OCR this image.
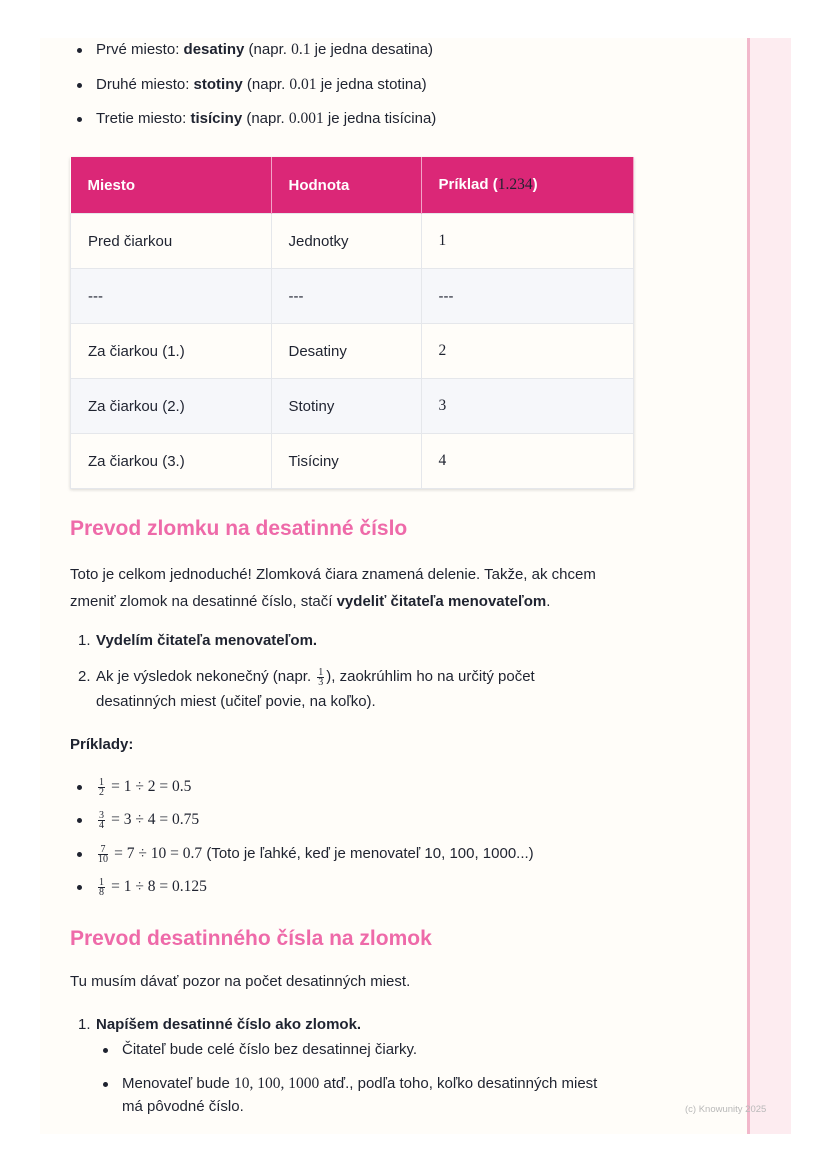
Prvé miesto: desatiny (napr. 0.1 je jedna desatina)
Druhé miesto: stotiny (napr. 0.01 je jedna stotina)
Tretie miesto: tisíciny (napr. 0.001 je jedna tisícina)
Miesto	Hodnota	Príklad (1.234)
Pred čiarkou	Jednotky	1
---	---	---
Za čiarkou (1.)	Desatiny	2
Za čiarkou (2.)	Stotiny	3
Za čiarkou (3.)	Tisíciny	4
Prevod zlomku na desatinné číslo
Toto je celkom jednoduché! Zlomková čiara znamená delenie. Takže, ak chcem
zmeniť zlomok na desatinné číslo, stačí vydeliť čitateľa menovateľom.
1. Vydelím čitateľa menovateľom.
2. Ak je výsledok nekonečný (napr. $\frac{1}{3}$ ), zaokrúhlim ho na určitý počet
desatinných miest (učiteľ povie, na koľko).
Príklady:
$\frac{1}{2} = 1 \div 2 = 0.5$
$\frac{3}{4} = 3 \div 4 = 0.75$
$\frac{7}{10} = 7 \div 10 = 0.7$ (Toto je ľahké, keď je menovateľ 10, 100, 1000...)
$\frac{1}{8} = 1 \div 8 = 0.125$
Prevod desatinného čísla na zlomok
Tu musím dávať pozor na počet desatinných miest.
1. Napíšem desatinné číslo ako zlomok.
Čitateľ bude celé číslo bez desatinnej čiarky.
Menovateľ bude 10, 100, 1000 atď., podľa toho, koľko desatinných miest
má pôvodné číslo.	(c) Knowunity 2025
